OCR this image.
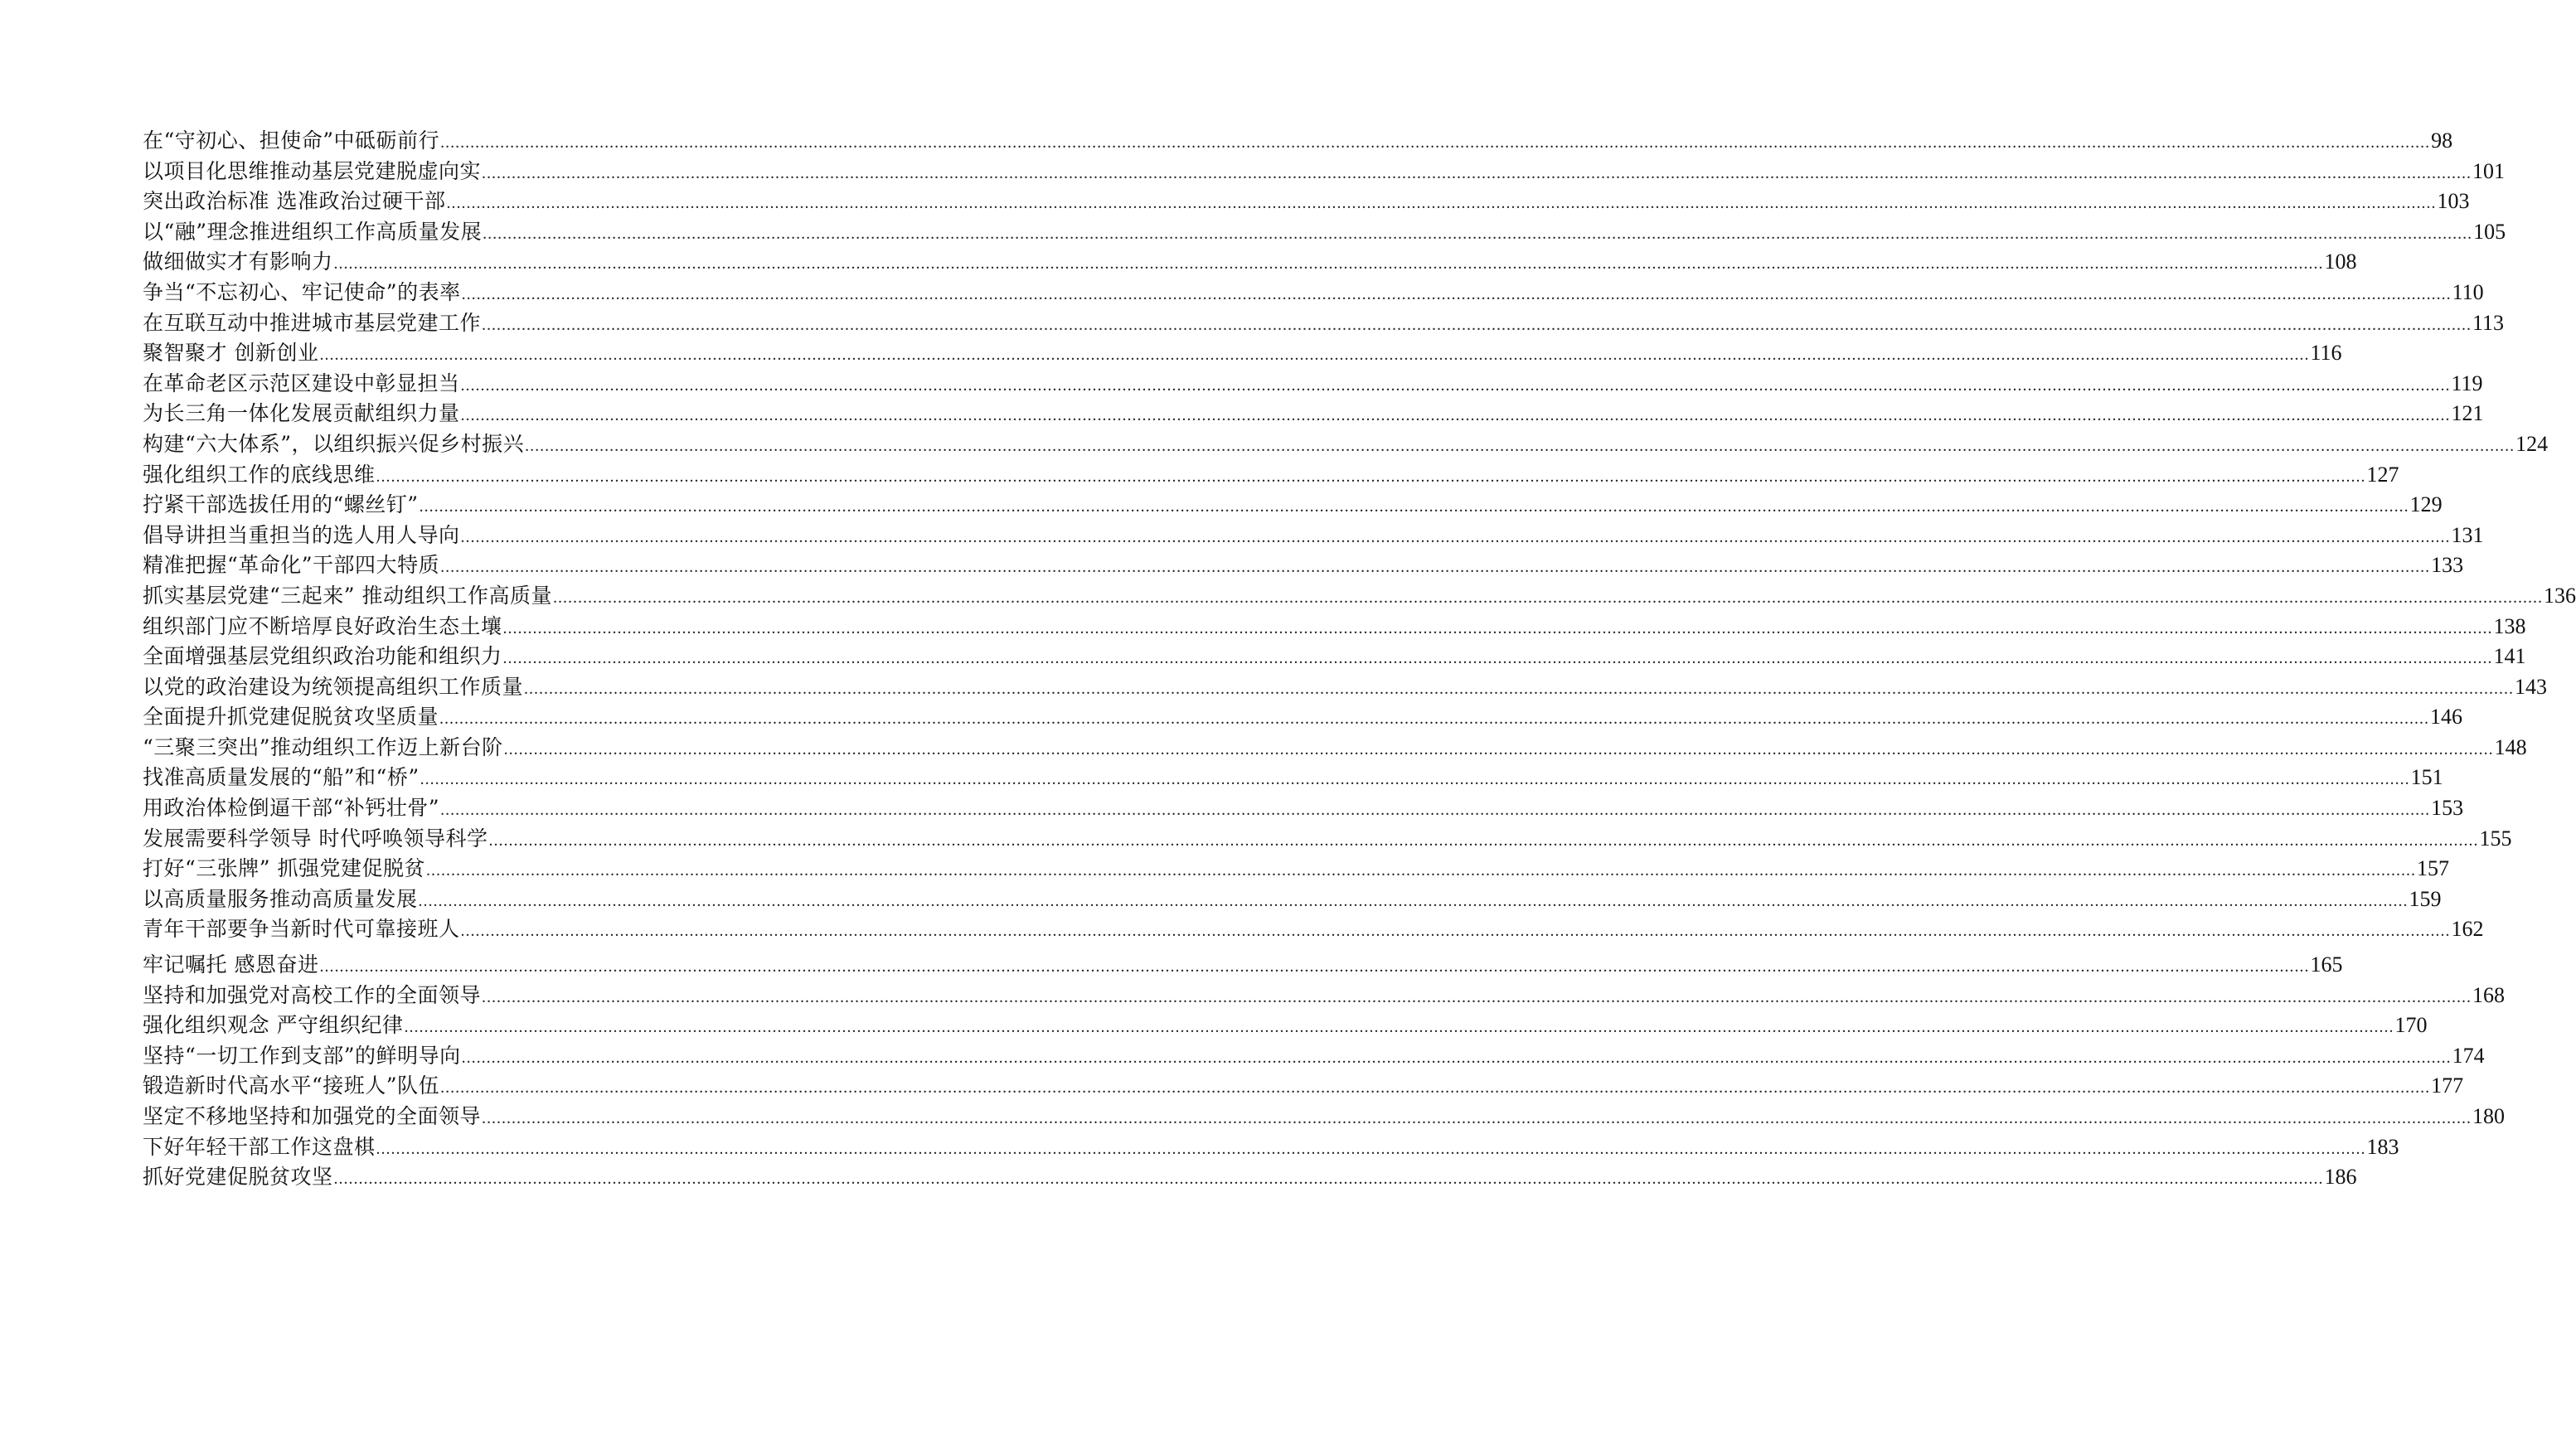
在“守初心、担使命”中砥砺前行 ................................................................................................................................................................................................................................................................................................................................................................................................................ 98
以项目化思维推动基层党建脱虚向实 ................................................................................................................................................................................................................................................................................................................................................................................................................ 101
突出政治标准 选准政治过硬干部 ................................................................................................................................................................................................................................................................................................................................................................................................................ 103
以“融”理念推进组织工作高质量发展 ................................................................................................................................................................................................................................................................................................................................................................................................................ 105
做细做实才有影响力 ................................................................................................................................................................................................................................................................................................................................................................................................................ 108
争当“不忘初心、牢记使命”的表率 ................................................................................................................................................................................................................................................................................................................................................................................................................ 110
在互联互动中推进城市基层党建工作 ................................................................................................................................................................................................................................................................................................................................................................................................................ 113
聚智聚才 创新创业 ................................................................................................................................................................................................................................................................................................................................................................................................................ 116
在革命老区示范区建设中彰显担当 ................................................................................................................................................................................................................................................................................................................................................................................................................ 119
为长三角一体化发展贡献组织力量 ................................................................................................................................................................................................................................................................................................................................................................................................................ 121
构建“六大体系”，以组织振兴促乡村振兴 ................................................................................................................................................................................................................................................................................................................................................................................................................ 124
强化组织工作的底线思维 ................................................................................................................................................................................................................................................................................................................................................................................................................ 127
拧紧干部选拔任用的“螺丝钉” ................................................................................................................................................................................................................................................................................................................................................................................................................ 129
倡导讲担当重担当的选人用人导向 ................................................................................................................................................................................................................................................................................................................................................................................................................ 131
精准把握“革命化”干部四大特质 ................................................................................................................................................................................................................................................................................................................................................................................................................ 133
抓实基层党建“三起来” 推动组织工作高质量 ................................................................................................................................................................................................................................................................................................................................................................................................................ 136
组织部门应不断培厚良好政治生态土壤 ................................................................................................................................................................................................................................................................................................................................................................................................................ 138
全面增强基层党组织政治功能和组织力 ................................................................................................................................................................................................................................................................................................................................................................................................................ 141
以党的政治建设为统领提高组织工作质量 ................................................................................................................................................................................................................................................................................................................................................................................................................ 143
全面提升抓党建促脱贫攻坚质量 ................................................................................................................................................................................................................................................................................................................................................................................................................ 146
“三聚三突出”推动组织工作迈上新台阶 ................................................................................................................................................................................................................................................................................................................................................................................................................ 148
找准高质量发展的“船”和“桥” ................................................................................................................................................................................................................................................................................................................................................................................................................ 151
用政治体检倒逼干部“补钙壮骨” ................................................................................................................................................................................................................................................................................................................................................................................................................ 153
发展需要科学领导 时代呼唤领导科学 ................................................................................................................................................................................................................................................................................................................................................................................................................ 155
打好“三张牌” 抓强党建促脱贫 ................................................................................................................................................................................................................................................................................................................................................................................................................ 157
以高质量服务推动高质量发展 ................................................................................................................................................................................................................................................................................................................................................................................................................ 159
青年干部要争当新时代可靠接班人 ................................................................................................................................................................................................................................................................................................................................................................................................................ 162
牢记嘱托 感恩奋进 ................................................................................................................................................................................................................................................................................................................................................................................................................ 165
坚持和加强党对高校工作的全面领导 ................................................................................................................................................................................................................................................................................................................................................................................................................ 168
强化组织观念 严守组织纪律 ................................................................................................................................................................................................................................................................................................................................................................................................................ 170
坚持“一切工作到支部”的鲜明导向 ................................................................................................................................................................................................................................................................................................................................................................................................................ 174
锻造新时代高水平“接班人”队伍 ................................................................................................................................................................................................................................................................................................................................................................................................................ 177
坚定不移地坚持和加强党的全面领导 ................................................................................................................................................................................................................................................................................................................................................................................................................ 180
下好年轻干部工作这盘棋 ................................................................................................................................................................................................................................................................................................................................................................................................................ 183
抓好党建促脱贫攻坚 ................................................................................................................................................................................................................................................................................................................................................................................................................ 186
